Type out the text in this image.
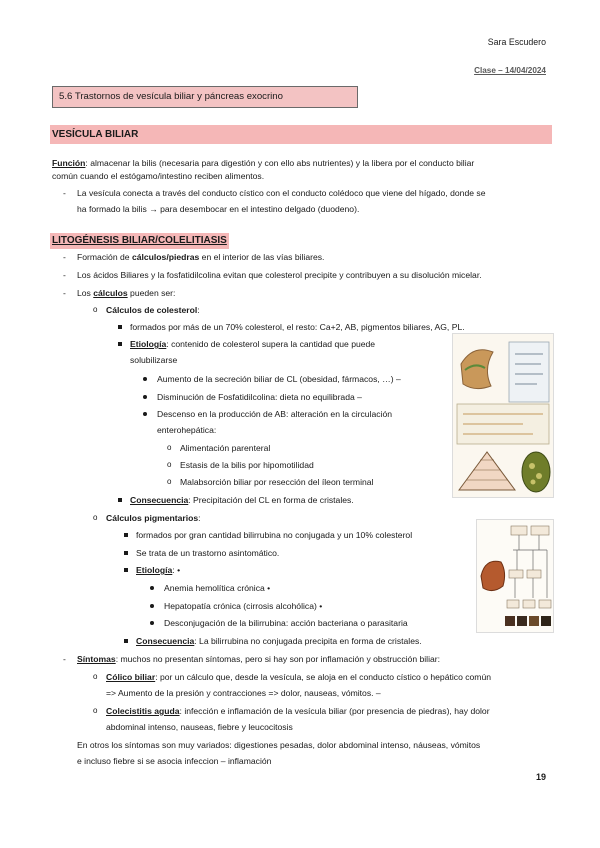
Sara Escudero
Clase – 14/04/2024
5.6 Trastornos de vesícula biliar y páncreas exocrino
VESÍCULA BILIAR
Función: almacenar la bilis (necesaria para digestión y con ello abs nutrientes) y la libera por el conducto biliar
común cuando el estógamo/intestino reciben alimentos.
- La vesícula conecta a través del conducto cístico con el conducto colédoco que viene del hígado, donde se
ha formado la bilis → para desembocar en el intestino delgado (duodeno).
LITOGÉNESIS BILIAR/COLELITIASIS
- Formación de cálculos/piedras en el interior de las vías biliares.
- Los ácidos Biliares y la fosfatidilcolina evitan que colesterol precipite y contribuyen a su disolución micelar.
- Los cálculos pueden ser:
o Cálculos de colesterol:
formados por más de un 70% colesterol, el resto: Ca+2, AB, pigmentos biliares, AG, PL.
Etiología: contenido de colesterol supera la cantidad que puede
solubilizarse
Aumento de la secreción biliar de CL (obesidad, fármacos, …) –
Disminución de Fosfatidilcolina: dieta no equilibrada –
Descenso en la producción de AB: alteración en la circulación
enterohepática:
o Alimentación parenteral
o Estasis de la bilis por hipomotilidad
o Malabsorción biliar por resección del íleon terminal
Consecuencia: Precipitación del CL en forma de cristales.
o Cálculos pigmentarios:
formados por gran cantidad bilirrubina no conjugada y un 10% colesterol
Se trata de un trastorno asintomático.
Etiología: •
Anemia hemolítica crónica •
Hepatopatía crónica (cirrosis alcohólica) •
Desconjugación de la bilirrubina: acción bacteriana o parasitaria
Consecuencia: La bilirrubina no conjugada precipita en forma de cristales.
- Síntomas: muchos no presentan síntomas, pero si hay son por inflamación y obstrucción biliar:
o Cólico biliar: por un cálculo que, desde la vesícula, se aloja en el conducto cístico o hepático común
=> Aumento de la presión y contracciones => dolor, nauseas, vómitos. –
o Colecistitis aguda: infección e inflamación de la vesícula biliar (por presencia de piedras), hay dolor
abdominal intenso, nauseas, fiebre y leucocitosis
En otros los síntomas son muy variados: digestiones pesadas, dolor abdominal intenso, náuseas, vómitos
e incluso fiebre si se asocia infeccion – inflamación
19
